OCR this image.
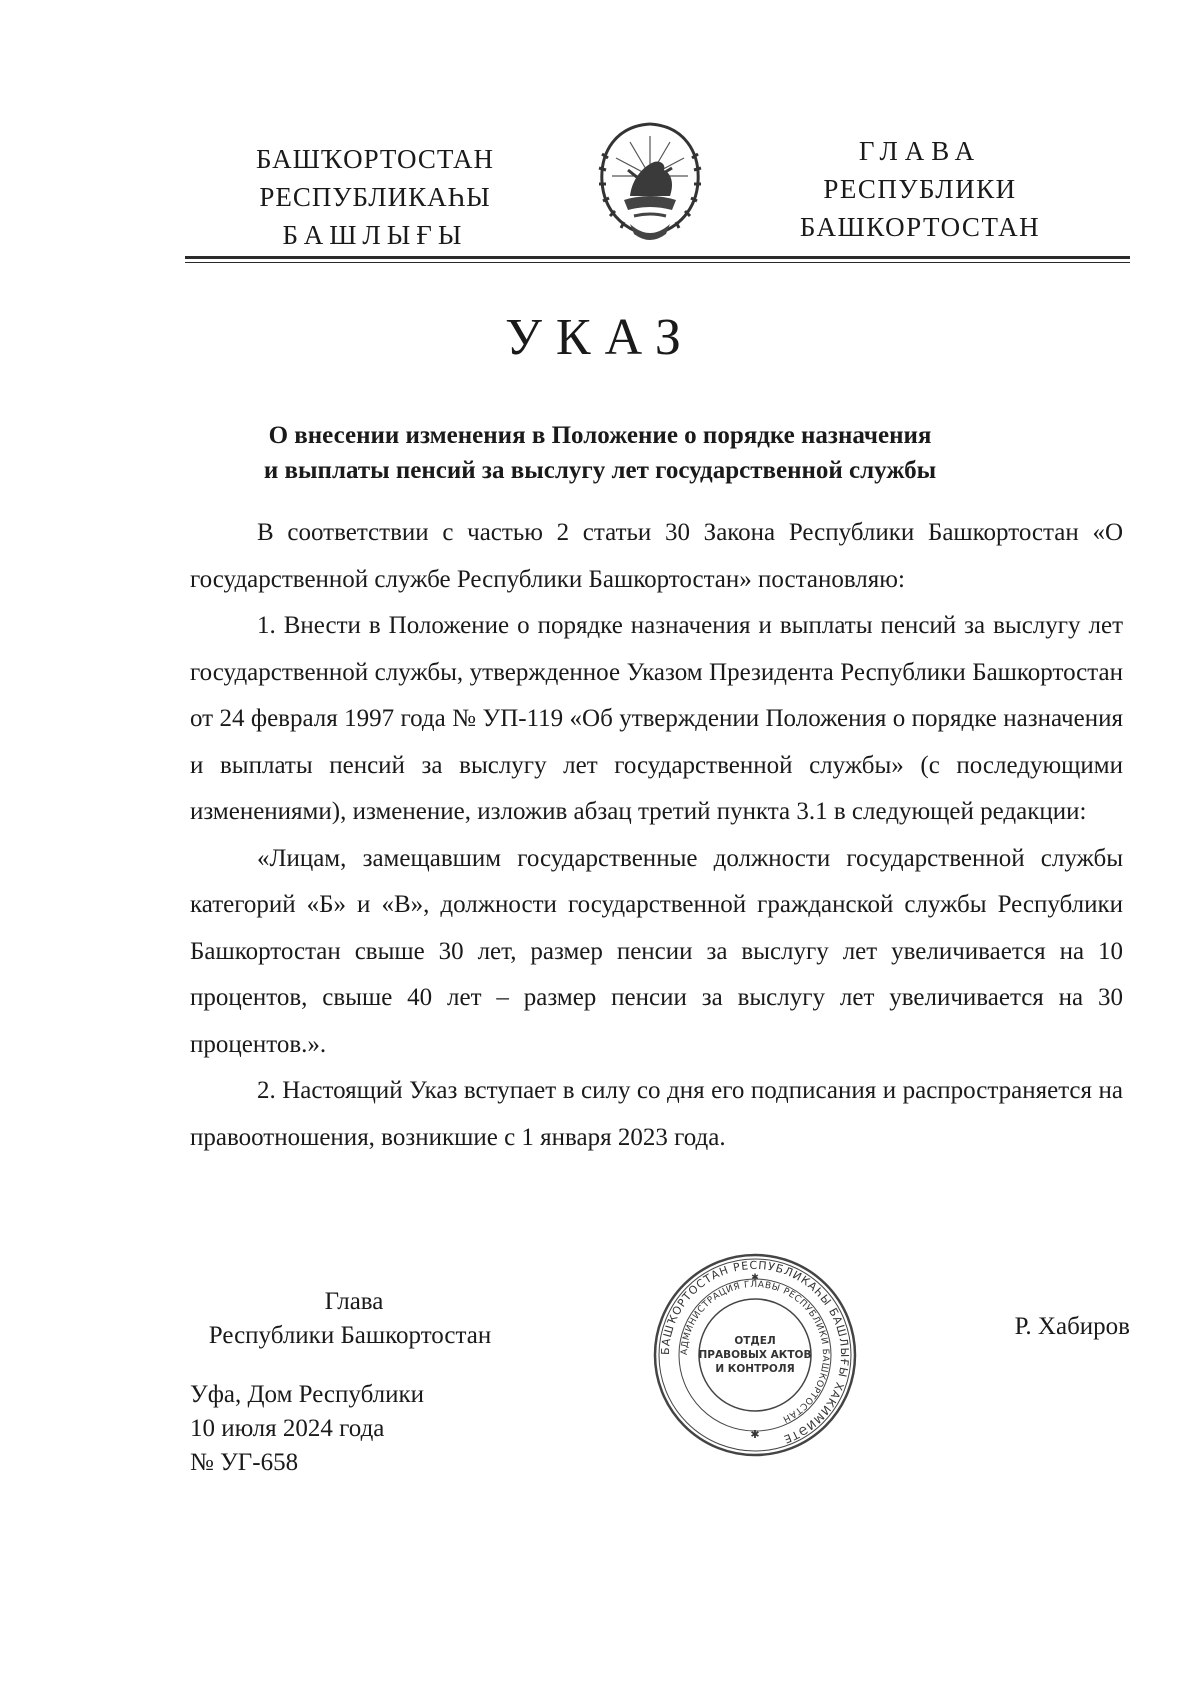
БАШҠОРТОСТАН
РЕСПУБЛИКАҺЫ
БАШЛЫҒЫ
ГЛАВА
РЕСПУБЛИКИ
БАШКОРТОСТАН
УКАЗ
О внесении изменения в Положение о порядке назначения
и выплаты пенсий за выслугу лет государственной службы

В соответствии с частью 2 статьи 30 Закона Республики Башкортостан «О государственной службе Республики Башкортостан» постановляю:

1. Внести в Положение о порядке назначения и выплаты пенсий за выслугу лет государственной службы, утвержденное Указом Президента Республики Башкортостан от 24 февраля 1997 года № УП-119 «Об утверждении Положения о порядке назначения и выплаты пенсий за выслугу лет государственной службы» (с последующими изменениями), изменение, изложив абзац третий пункта 3.1 в следующей редакции:

«Лицам, замещавшим государственные должности государственной службы категорий «Б» и «В», должности государственной гражданской службы Республики Башкортостан свыше 30 лет, размер пенсии за выслугу лет увеличивается на 10 процентов, свыше 40 лет – размер пенсии за выслугу лет увеличивается на 30 процентов.».

2. Настоящий Указ вступает в силу со дня его подписания и распространяется на правоотношения, возникшие с 1 января 2023 года.

Глава
Республики Башкортостан
БАШҠОРТОСТАН РЕСПУБЛИКАҺЫ БАШЛЫҒЫ ХАКИМИӘТЕ
АДМИНИСТРАЦИЯ ГЛАВЫ РЕСПУБЛИКИ БАШКОРТОСТАН
ОТДЕЛ
ПРАВОВЫХ АКТОВ
И КОНТРОЛЯ
✱
✱
Р. Хабиров
Уфа, Дом Республики
10 июля 2024 года
№ УГ-658
